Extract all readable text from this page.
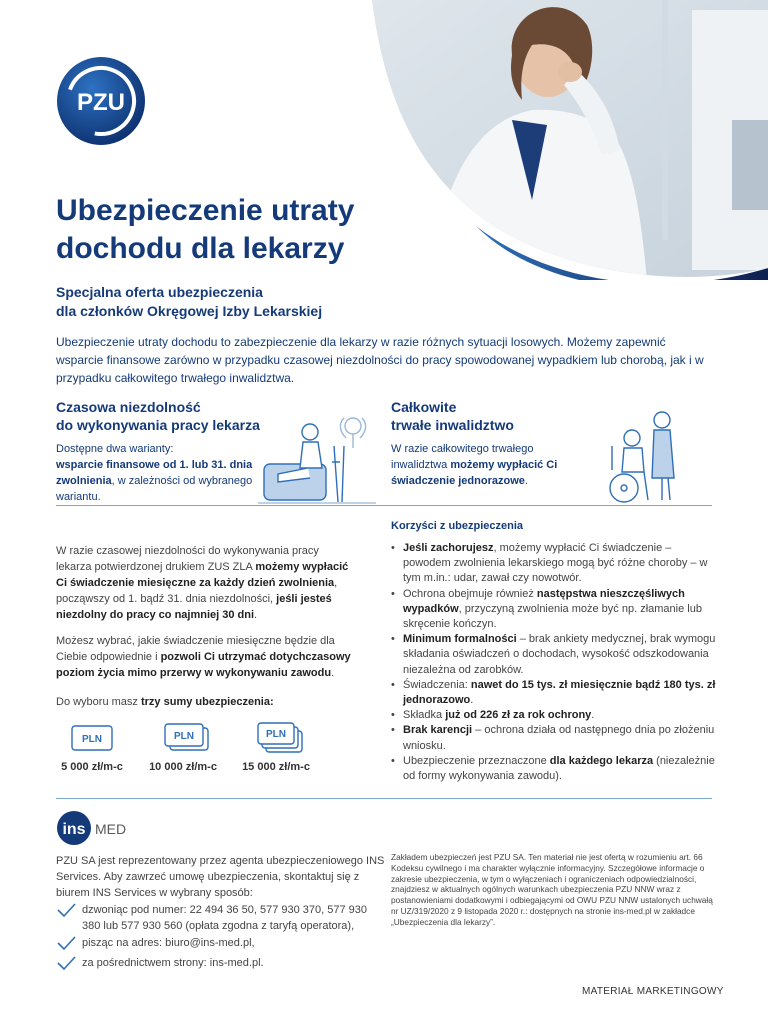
PZU
Ubezpieczenie utraty
dochodu dla lekarzy
Specjalna oferta ubezpieczenia
dla członków Okręgowej Izby Lekarskiej
Ubezpieczenie utraty dochodu to zabezpieczenie dla lekarzy w razie różnych sytuacji losowych. Możemy zapewnić wsparcie finansowe zarówno w przypadku czasowej niezdolności do pracy spowodowanej wypadkiem lub chorobą, jak i w przypadku całkowitego trwałego inwalidztwa.
Czasowa niezdolność
do wykonywania pracy lekarza
Dostępne dwa warianty:
wsparcie finansowe od 1. lub 31. dnia zwolnienia, w zależności od wybranego wariantu.
Całkowite
trwałe inwalidztwo
W razie całkowitego trwałego inwalidztwa możemy wypłacić Ci świadczenie jednorazowe.
W razie czasowej niezdolności do wykonywania pracy lekarza potwierdzonej drukiem ZUS ZLA możemy wypłacić Ci świadczenie miesięczne za każdy dzień zwolnienia, począwszy od 1. bądź 31. dnia niezdolności, jeśli jesteś niezdolny do pracy co najmniej 30 dni.
Możesz wybrać, jakie świadczenie miesięczne będzie dla Ciebie odpowiednie i pozwoli Ci utrzymać dotychczasowy poziom życia mimo przerwy w wykonywaniu zawodu.
Do wyboru masz trzy sumy ubezpieczenia:
PLN	PLN	PLN
5 000 zł/m-c	10 000 zł/m-c	15 000 zł/m-c
Korzyści z ubezpieczenia
• Jeśli zachorujesz, możemy wypłacić Ci świadczenie – powodem zwolnienia lekarskiego mogą być różne choroby – w tym m.in.: udar, zawał czy nowotwór.
• Ochrona obejmuje również następstwa nieszczęśliwych wypadków, przyczyną zwolnienia może być np. złamanie lub skręcenie kończyn.
• Minimum formalności – brak ankiety medycznej, brak wymogu składania oświadczeń o dochodach, wysokość odszkodowania niezależna od zarobków.
• Świadczenia: nawet do 15 tys. zł miesięcznie bądź 180 tys. zł jednorazowo.
• Składka już od 226 zł za rok ochrony.
• Brak karencji – ochrona działa od następnego dnia po złożeniu wniosku.
• Ubezpieczenie przeznaczone dla każdego lekarza (niezależnie od formy wykonywania zawodu).
ins MED
PZU SA jest reprezentowany przez agenta ubezpieczeniowego INS Services. Aby zawrzeć umowę ubezpieczenia, skontaktuj się z biurem INS Services w wybrany sposób:
dzwoniąc pod numer: 22 494 36 50, 577 930 370, 577 930 380 lub 577 930 560 (opłata zgodna z taryfą operatora),
pisząc na adres: biuro@ins-med.pl,
za pośrednictwem strony: ins-med.pl.
Zakładem ubezpieczeń jest PZU SA. Ten materiał nie jest ofertą w rozumieniu art. 66 Kodeksu cywilnego i ma charakter wyłącznie informacyjny. Szczegółowe informacje o zakresie ubezpieczenia, w tym o wyłączeniach i ograniczeniach odpowiedzialności, znajdziesz w aktualnych ogólnych warunkach ubezpieczenia PZU NNW wraz z postanowieniami dodatkowymi i odbiegającymi od OWU PZU NNW ustalonych uchwałą nr UZ/319/2020 z 9 listopada 2020 r.: dostępnych na stronie ins-med.pl w zakładce „Ubezpieczenia dla lekarzy”.
MATERIAŁ MARKETINGOWY
